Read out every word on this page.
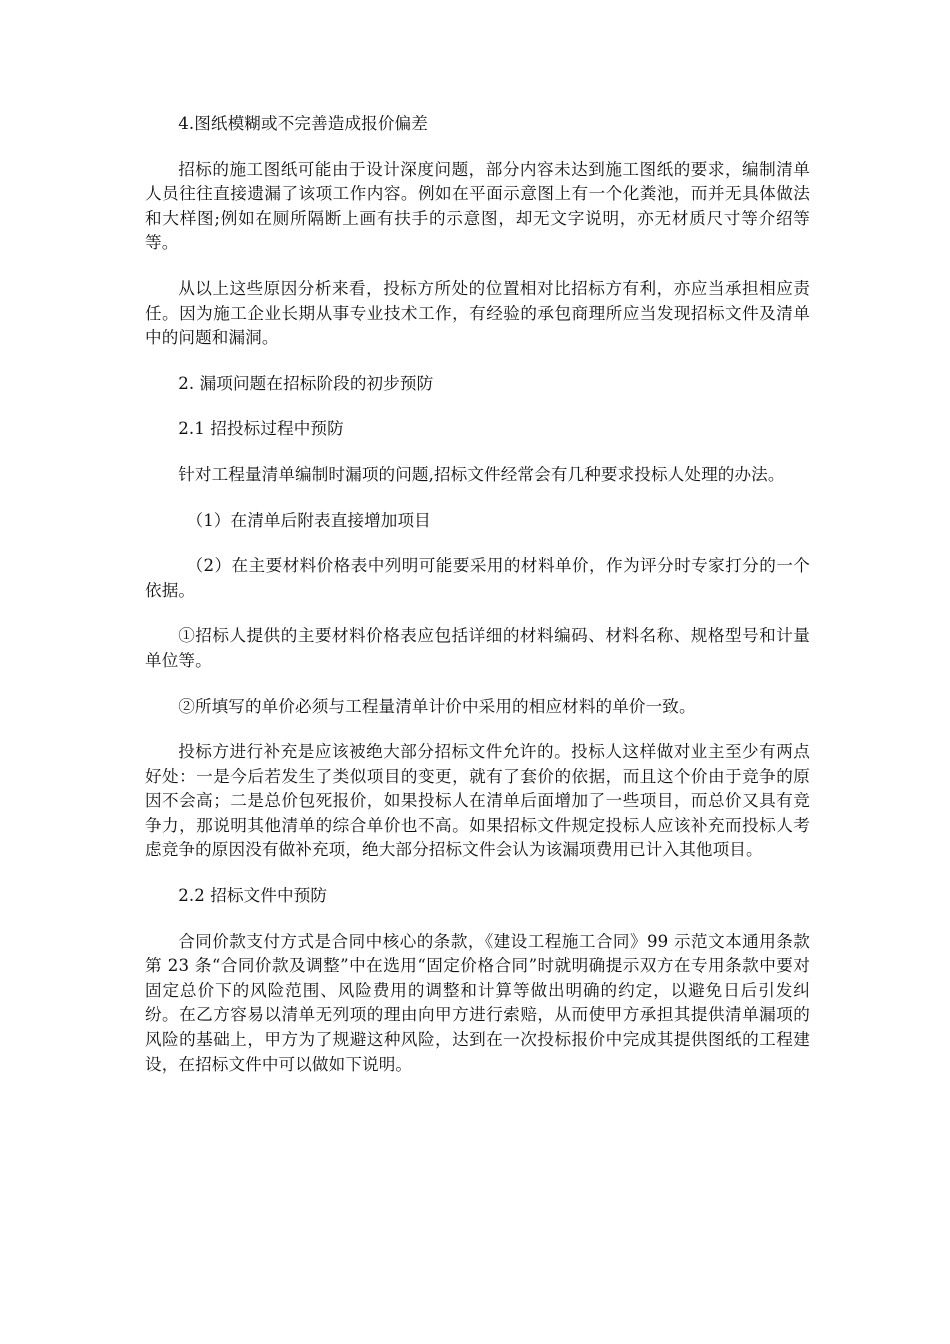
4.图纸模糊或不完善造成报价偏差

招标的施工图纸可能由于设计深度问题，部分内容未达到施工图纸的要求，编制清单人员往往直接遗漏了该项工作内容。例如在平面示意图上有一个化粪池，而并无具体做法和大样图;例如在厕所隔断上画有扶手的示意图，却无文字说明，亦无材质尺寸等介绍等等。

从以上这些原因分析来看，投标方所处的位置相对比招标方有利，亦应当承担相应责任。因为施工企业长期从事专业技术工作，有经验的承包商理所应当发现招标文件及清单中的问题和漏洞。

2. 漏项问题在招标阶段的初步预防

2.1 招投标过程中预防

针对工程量清单编制时漏项的问题,招标文件经常会有几种要求投标人处理的办法。

（1）在清单后附表直接增加项目

（2）在主要材料价格表中列明可能要采用的材料单价，作为评分时专家打分的一个依据。

①招标人提供的主要材料价格表应包括详细的材料编码、材料名称、规格型号和计量单位等。

②所填写的单价必须与工程量清单计价中采用的相应材料的单价一致。

投标方进行补充是应该被绝大部分招标文件允许的。投标人这样做对业主至少有两点好处：一是今后若发生了类似项目的变更，就有了套价的依据，而且这个价由于竞争的原因不会高；二是总价包死报价，如果投标人在清单后面增加了一些项目，而总价又具有竞争力，那说明其他清单的综合单价也不高。如果招标文件规定投标人应该补充而投标人考虑竞争的原因没有做补充项，绝大部分招标文件会认为该漏项费用已计入其他项目。

2.2 招标文件中预防

合同价款支付方式是合同中核心的条款，《建设工程施工合同》99 示范文本通用条款第 23 条“合同价款及调整”中在选用“固定价格合同”时就明确提示双方在专用条款中要对固定总价下的风险范围、风险费用的调整和计算等做出明确的约定，以避免日后引发纠纷。在乙方容易以清单无列项的理由向甲方进行索赔，从而使甲方承担其提供清单漏项的风险的基础上，甲方为了规避这种风险，达到在一次投标报价中完成其提供图纸的工程建设，在招标文件中可以做如下说明。
